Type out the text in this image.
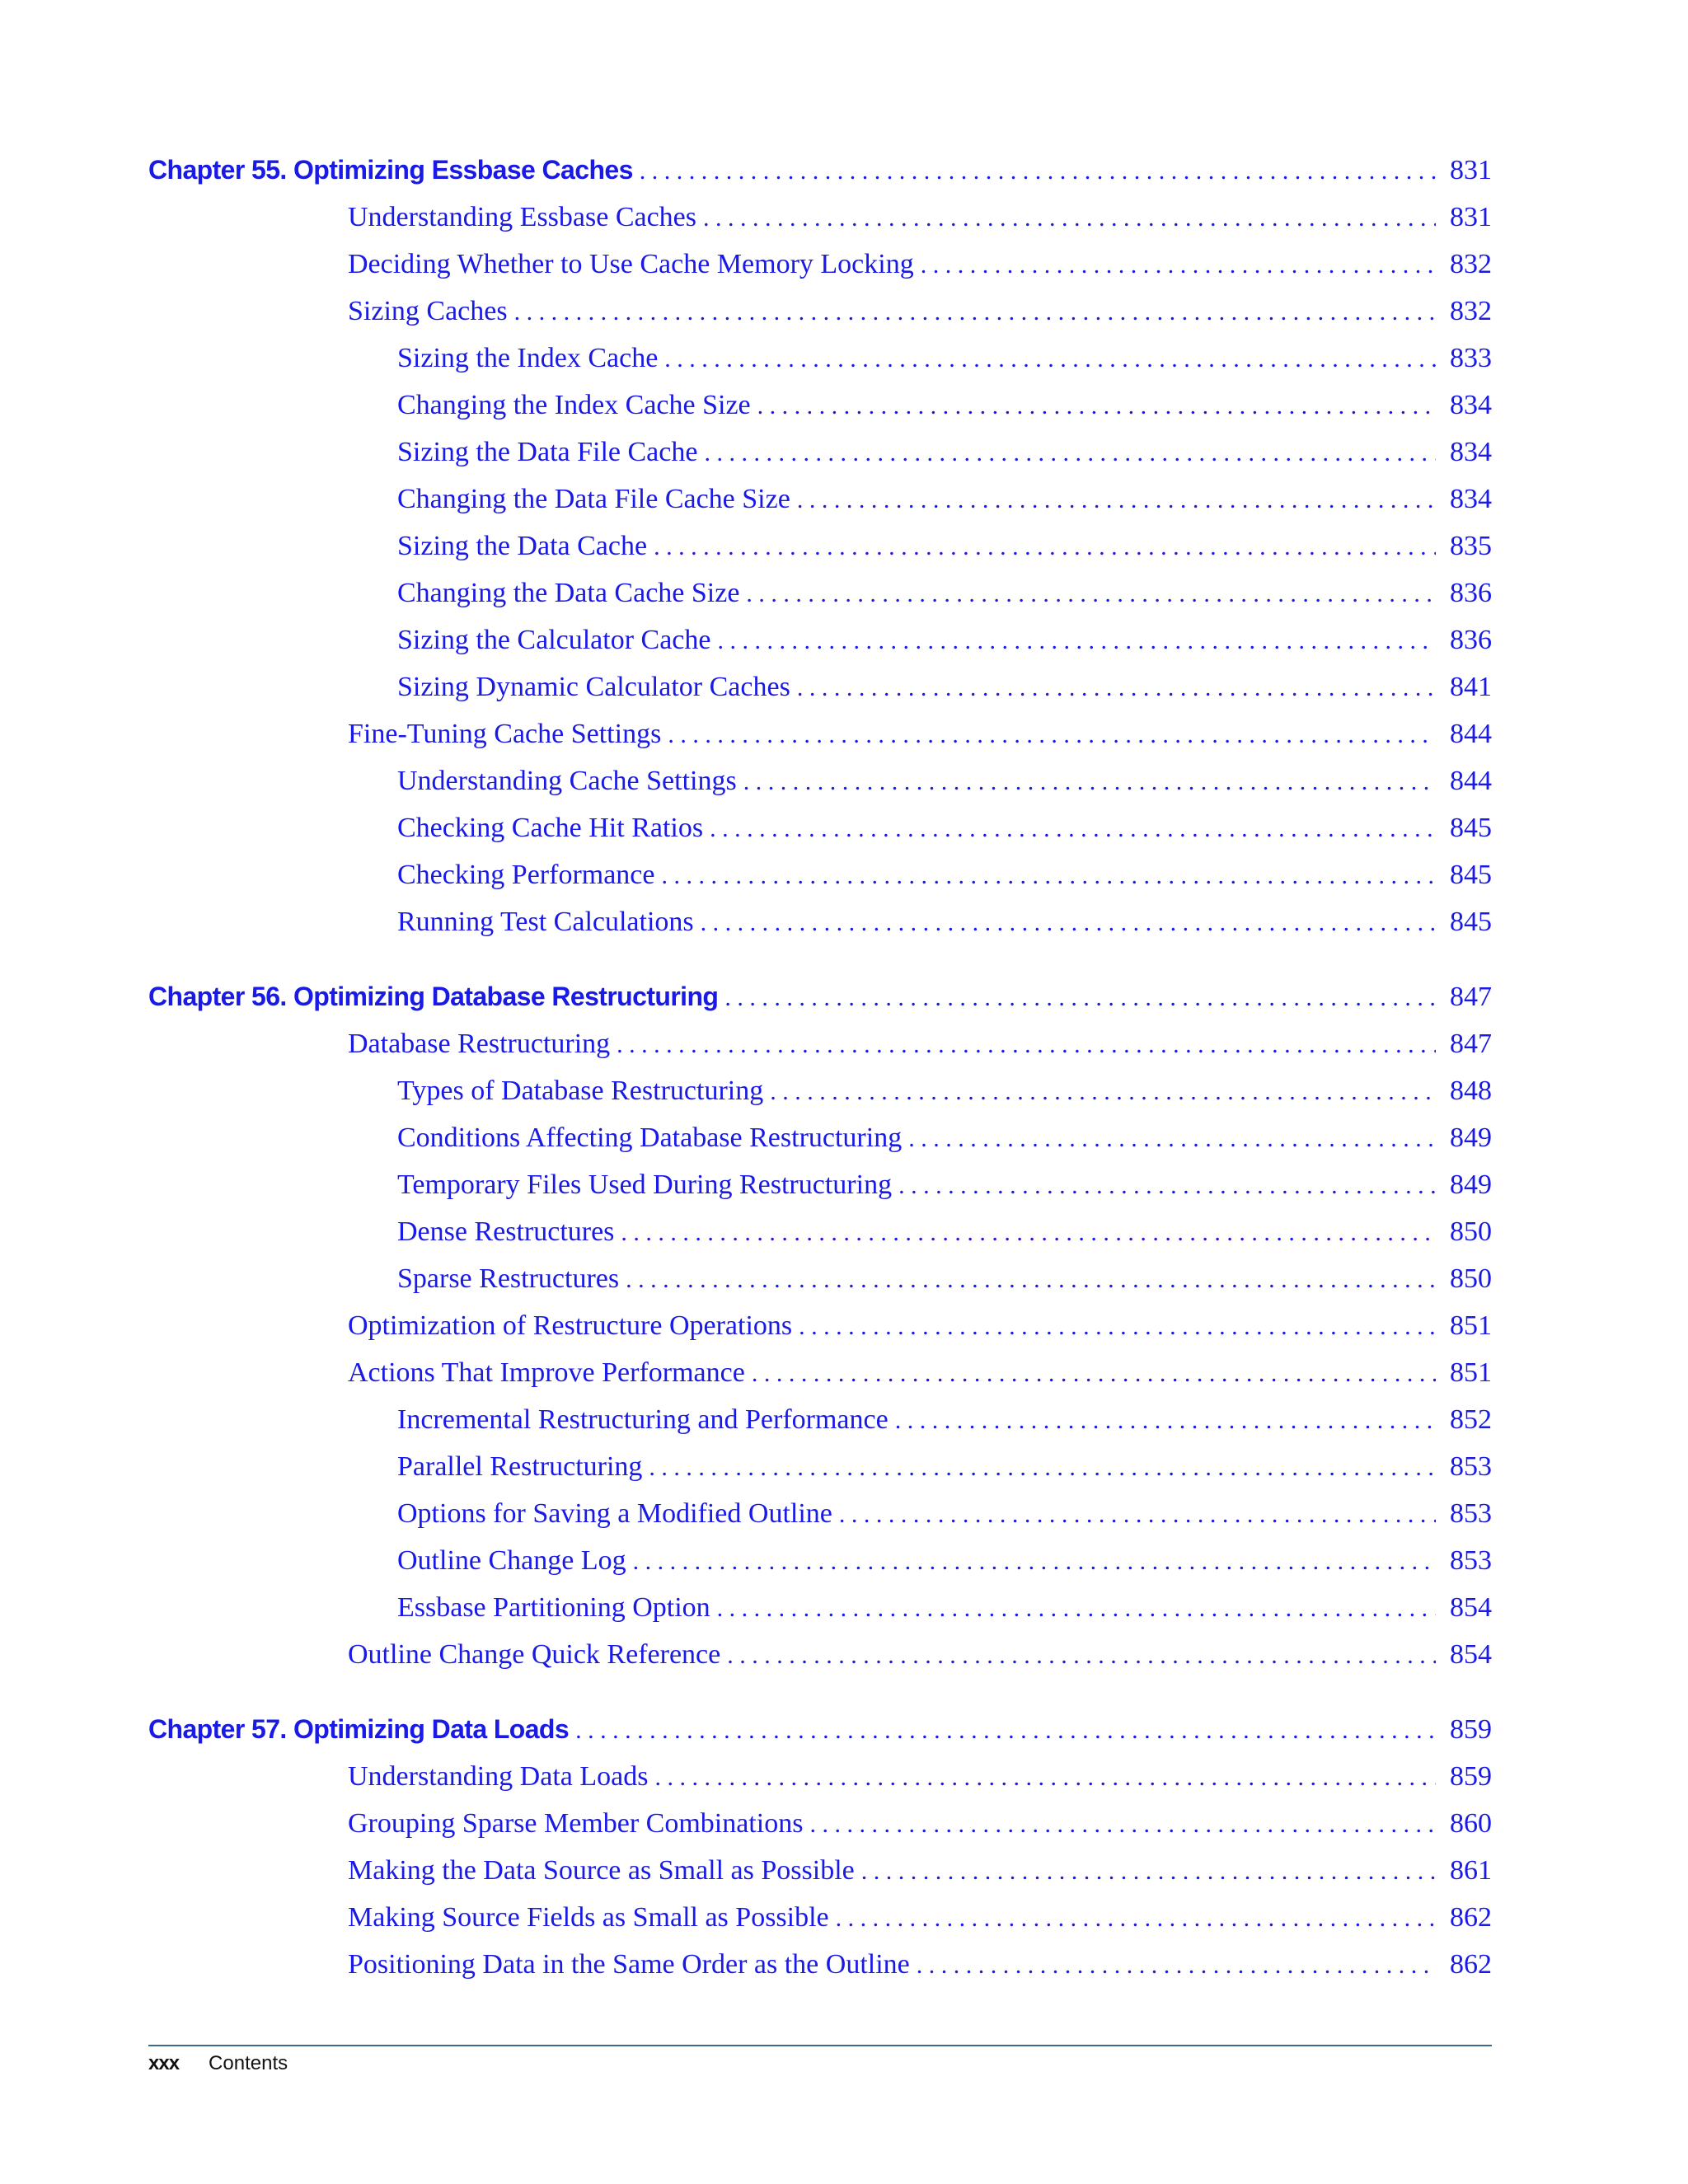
Chapter 55. Optimizing Essbase Caches . . .	831
Understanding Essbase Caches . . .	831
Deciding Whether to Use Cache Memory Locking . . .	832
Sizing Caches . . .	832
Sizing the Index Cache . . .	833
Changing the Index Cache Size . . .	834
Sizing the Data File Cache . . .	834
Changing the Data File Cache Size . . .	834
Sizing the Data Cache . . .	835
Changing the Data Cache Size . . .	836
Sizing the Calculator Cache . . .	836
Sizing Dynamic Calculator Caches . . .	841
Fine-Tuning Cache Settings . . .	844
Understanding Cache Settings . . .	844
Checking Cache Hit Ratios . . .	845
Checking Performance . . .	845
Running Test Calculations . . .	845
Chapter 56. Optimizing Database Restructuring . . .	847
Database Restructuring . . .	847
Types of Database Restructuring . . .	848
Conditions Affecting Database Restructuring . . .	849
Temporary Files Used During Restructuring . . .	849
Dense Restructures . . .	850
Sparse Restructures . . .	850
Optimization of Restructure Operations . . .	851
Actions That Improve Performance . . .	851
Incremental Restructuring and Performance . . .	852
Parallel Restructuring . . .	853
Options for Saving a Modified Outline . . .	853
Outline Change Log . . .	853
Essbase Partitioning Option . . .	854
Outline Change Quick Reference . . .	854
Chapter 57. Optimizing Data Loads . . .	859
Understanding Data Loads . . .	859
Grouping Sparse Member Combinations . . .	860
Making the Data Source as Small as Possible . . .	861
Making Source Fields as Small as Possible . . .	862
Positioning Data in the Same Order as the Outline . . .	862
xxx Contents
